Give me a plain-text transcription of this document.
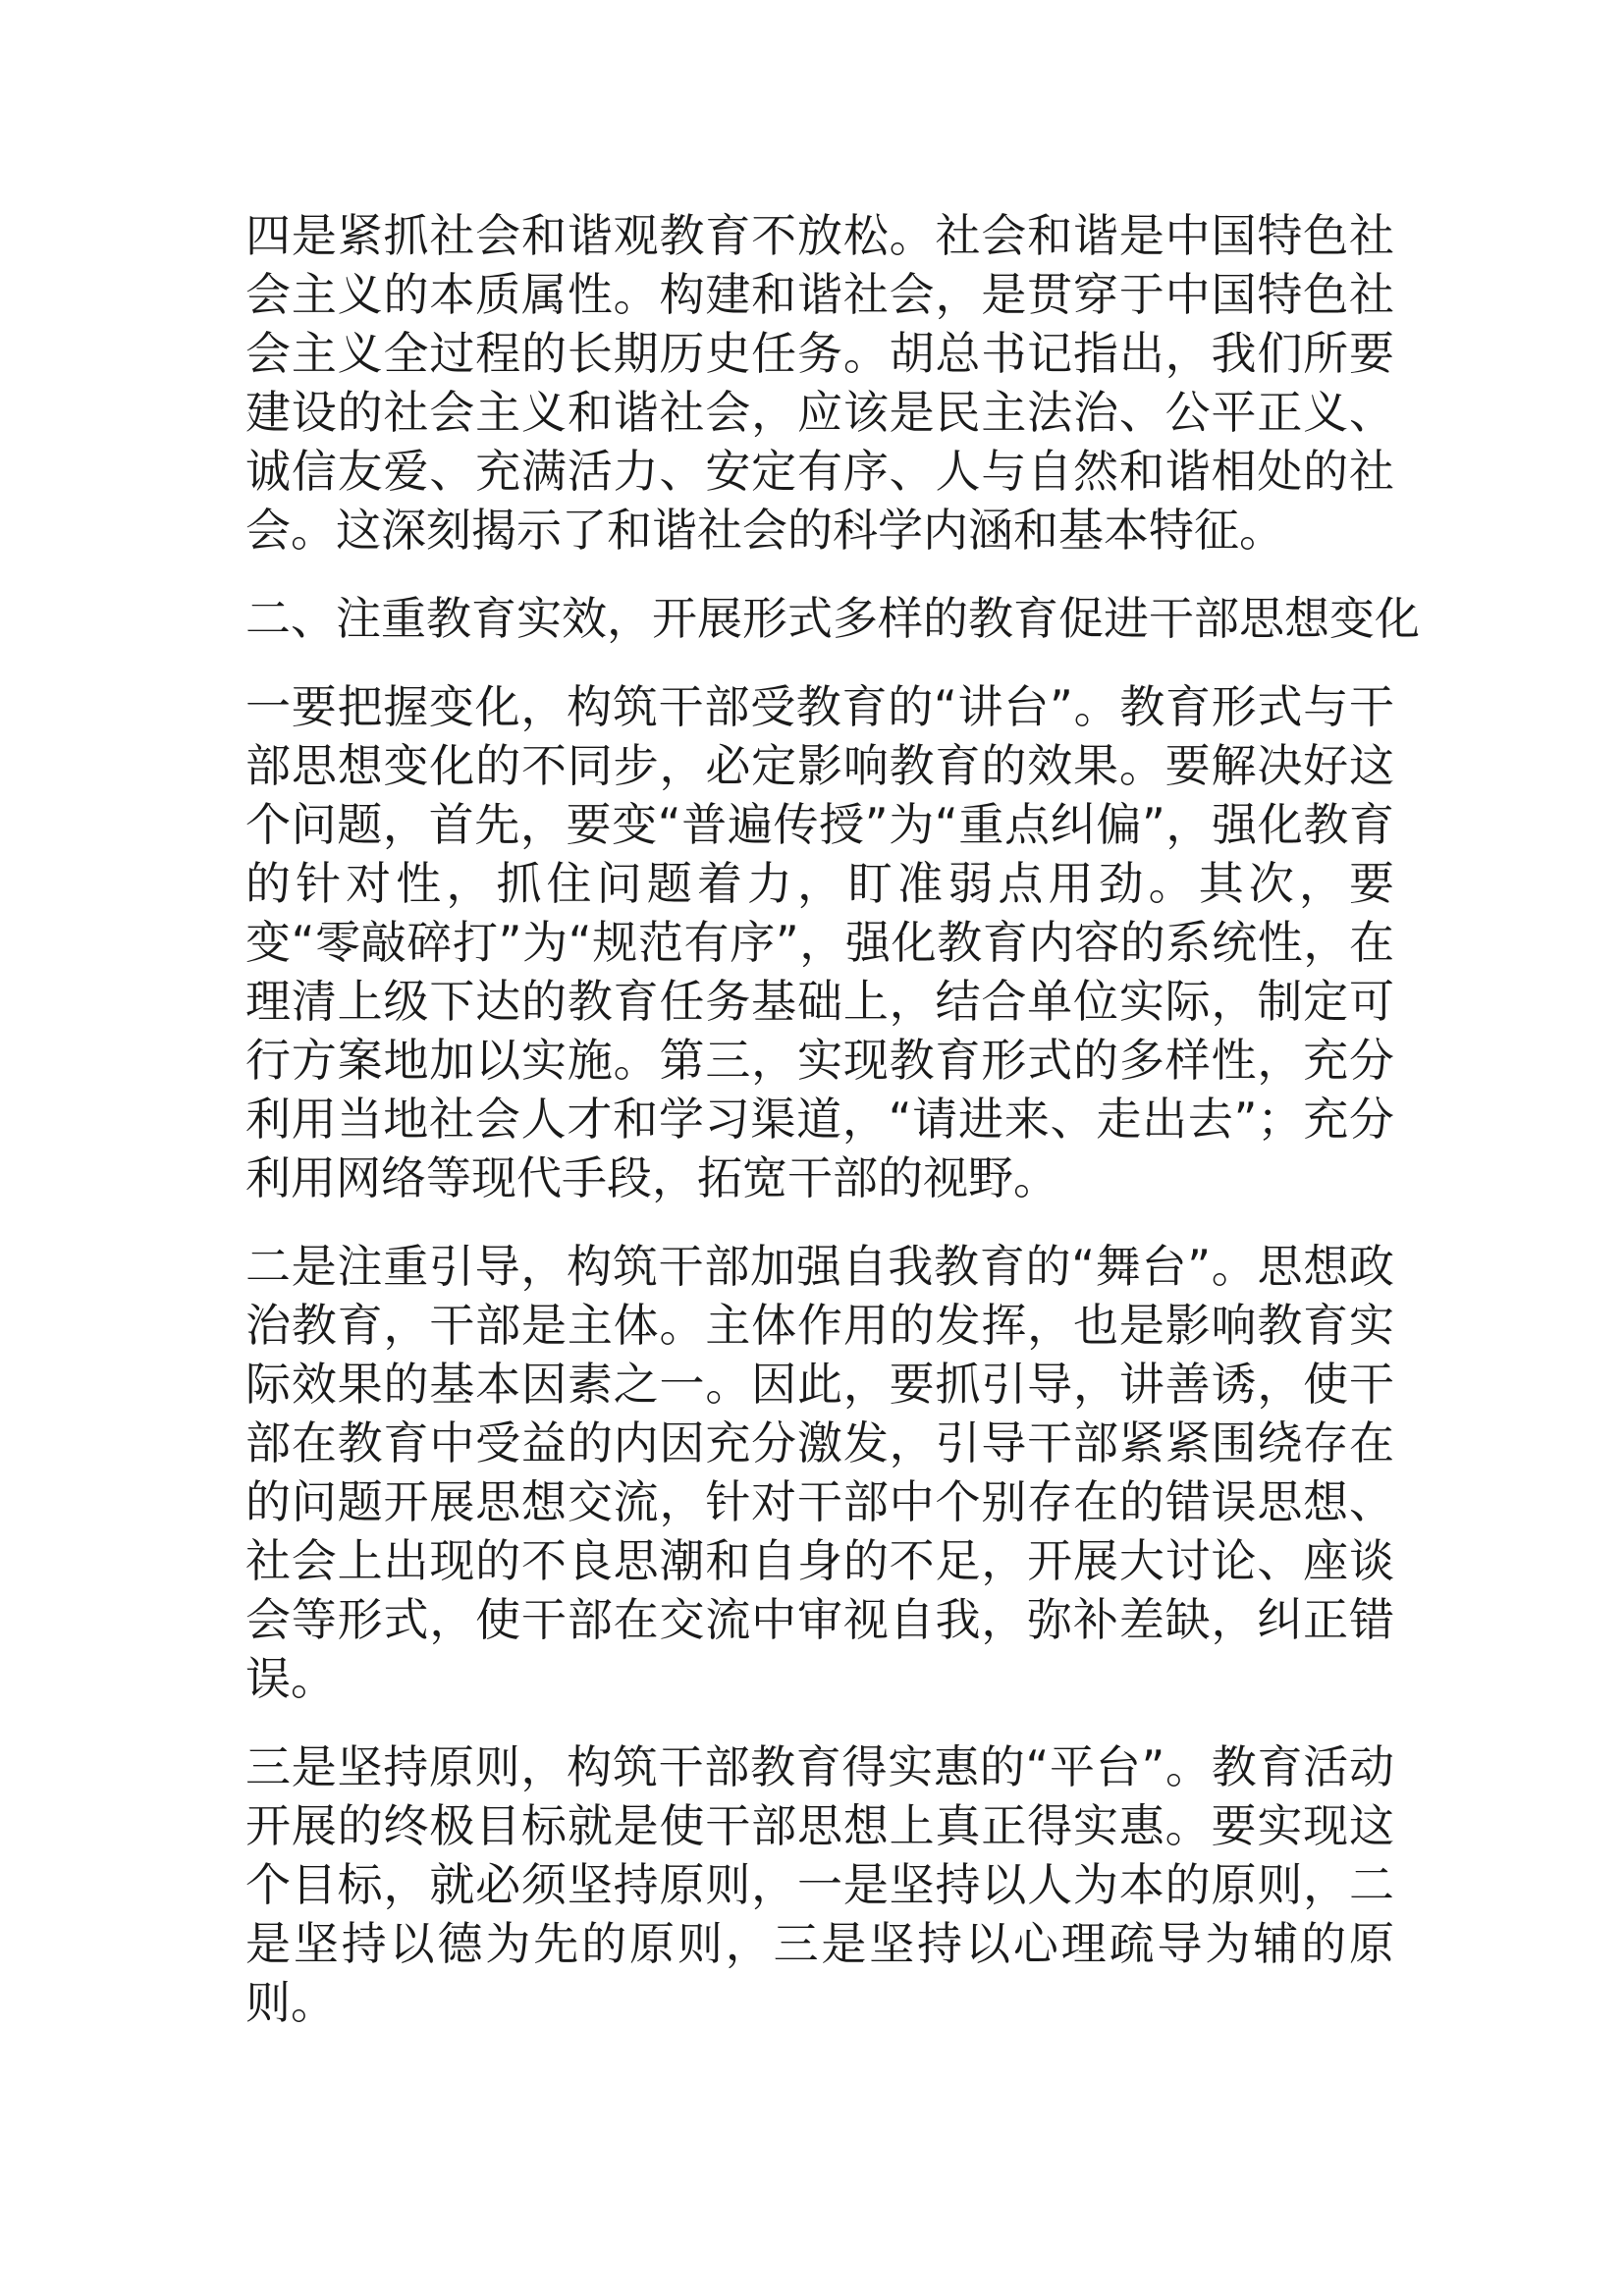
四是紧抓社会和谐观教育不放松。社会和谐是中国特色社会主义的本质属性。构建和谐社会，是贯穿于中国特色社会主义全过程的长期历史任务。胡总书记指出，我们所要建设的社会主义和谐社会，应该是民主法治、公平正义、诚信友爱、充满活力、安定有序、人与自然和谐相处的社会。这深刻揭示了和谐社会的科学内涵和基本特征。

二、注重教育实效，开展形式多样的教育促进干部思想变化

一要把握变化，构筑干部受教育的“讲台”。教育形式与干部思想变化的不同步，必定影响教育的效果。要解决好这个问题，首先，要变“普遍传授”为“重点纠偏”，强化教育的针对性，抓住问题着力，盯准弱点用劲。其次，要变“零敲碎打”为“规范有序”，强化教育内容的系统性，在理清上级下达的教育任务基础上，结合单位实际，制定可行方案地加以实施。第三，实现教育形式的多样性，充分利用当地社会人才和学习渠道，“请进来、走出去”；充分利用网络等现代手段，拓宽干部的视野。

二是注重引导，构筑干部加强自我教育的“舞台”。思想政治教育，干部是主体。主体作用的发挥，也是影响教育实际效果的基本因素之一。因此，要抓引导，讲善诱，使干部在教育中受益的内因充分激发，引导干部紧紧围绕存在的问题开展思想交流，针对干部中个别存在的错误思想、社会上出现的不良思潮和自身的不足，开展大讨论、座谈会等形式，使干部在交流中审视自我，弥补差缺，纠正错误。

三是坚持原则，构筑干部教育得实惠的“平台”。教育活动开展的终极目标就是使干部思想上真正得实惠。要实现这个目标，就必须坚持原则，一是坚持以人为本的原则，二是坚持以德为先的原则，三是坚持以心理疏导为辅的原则。
